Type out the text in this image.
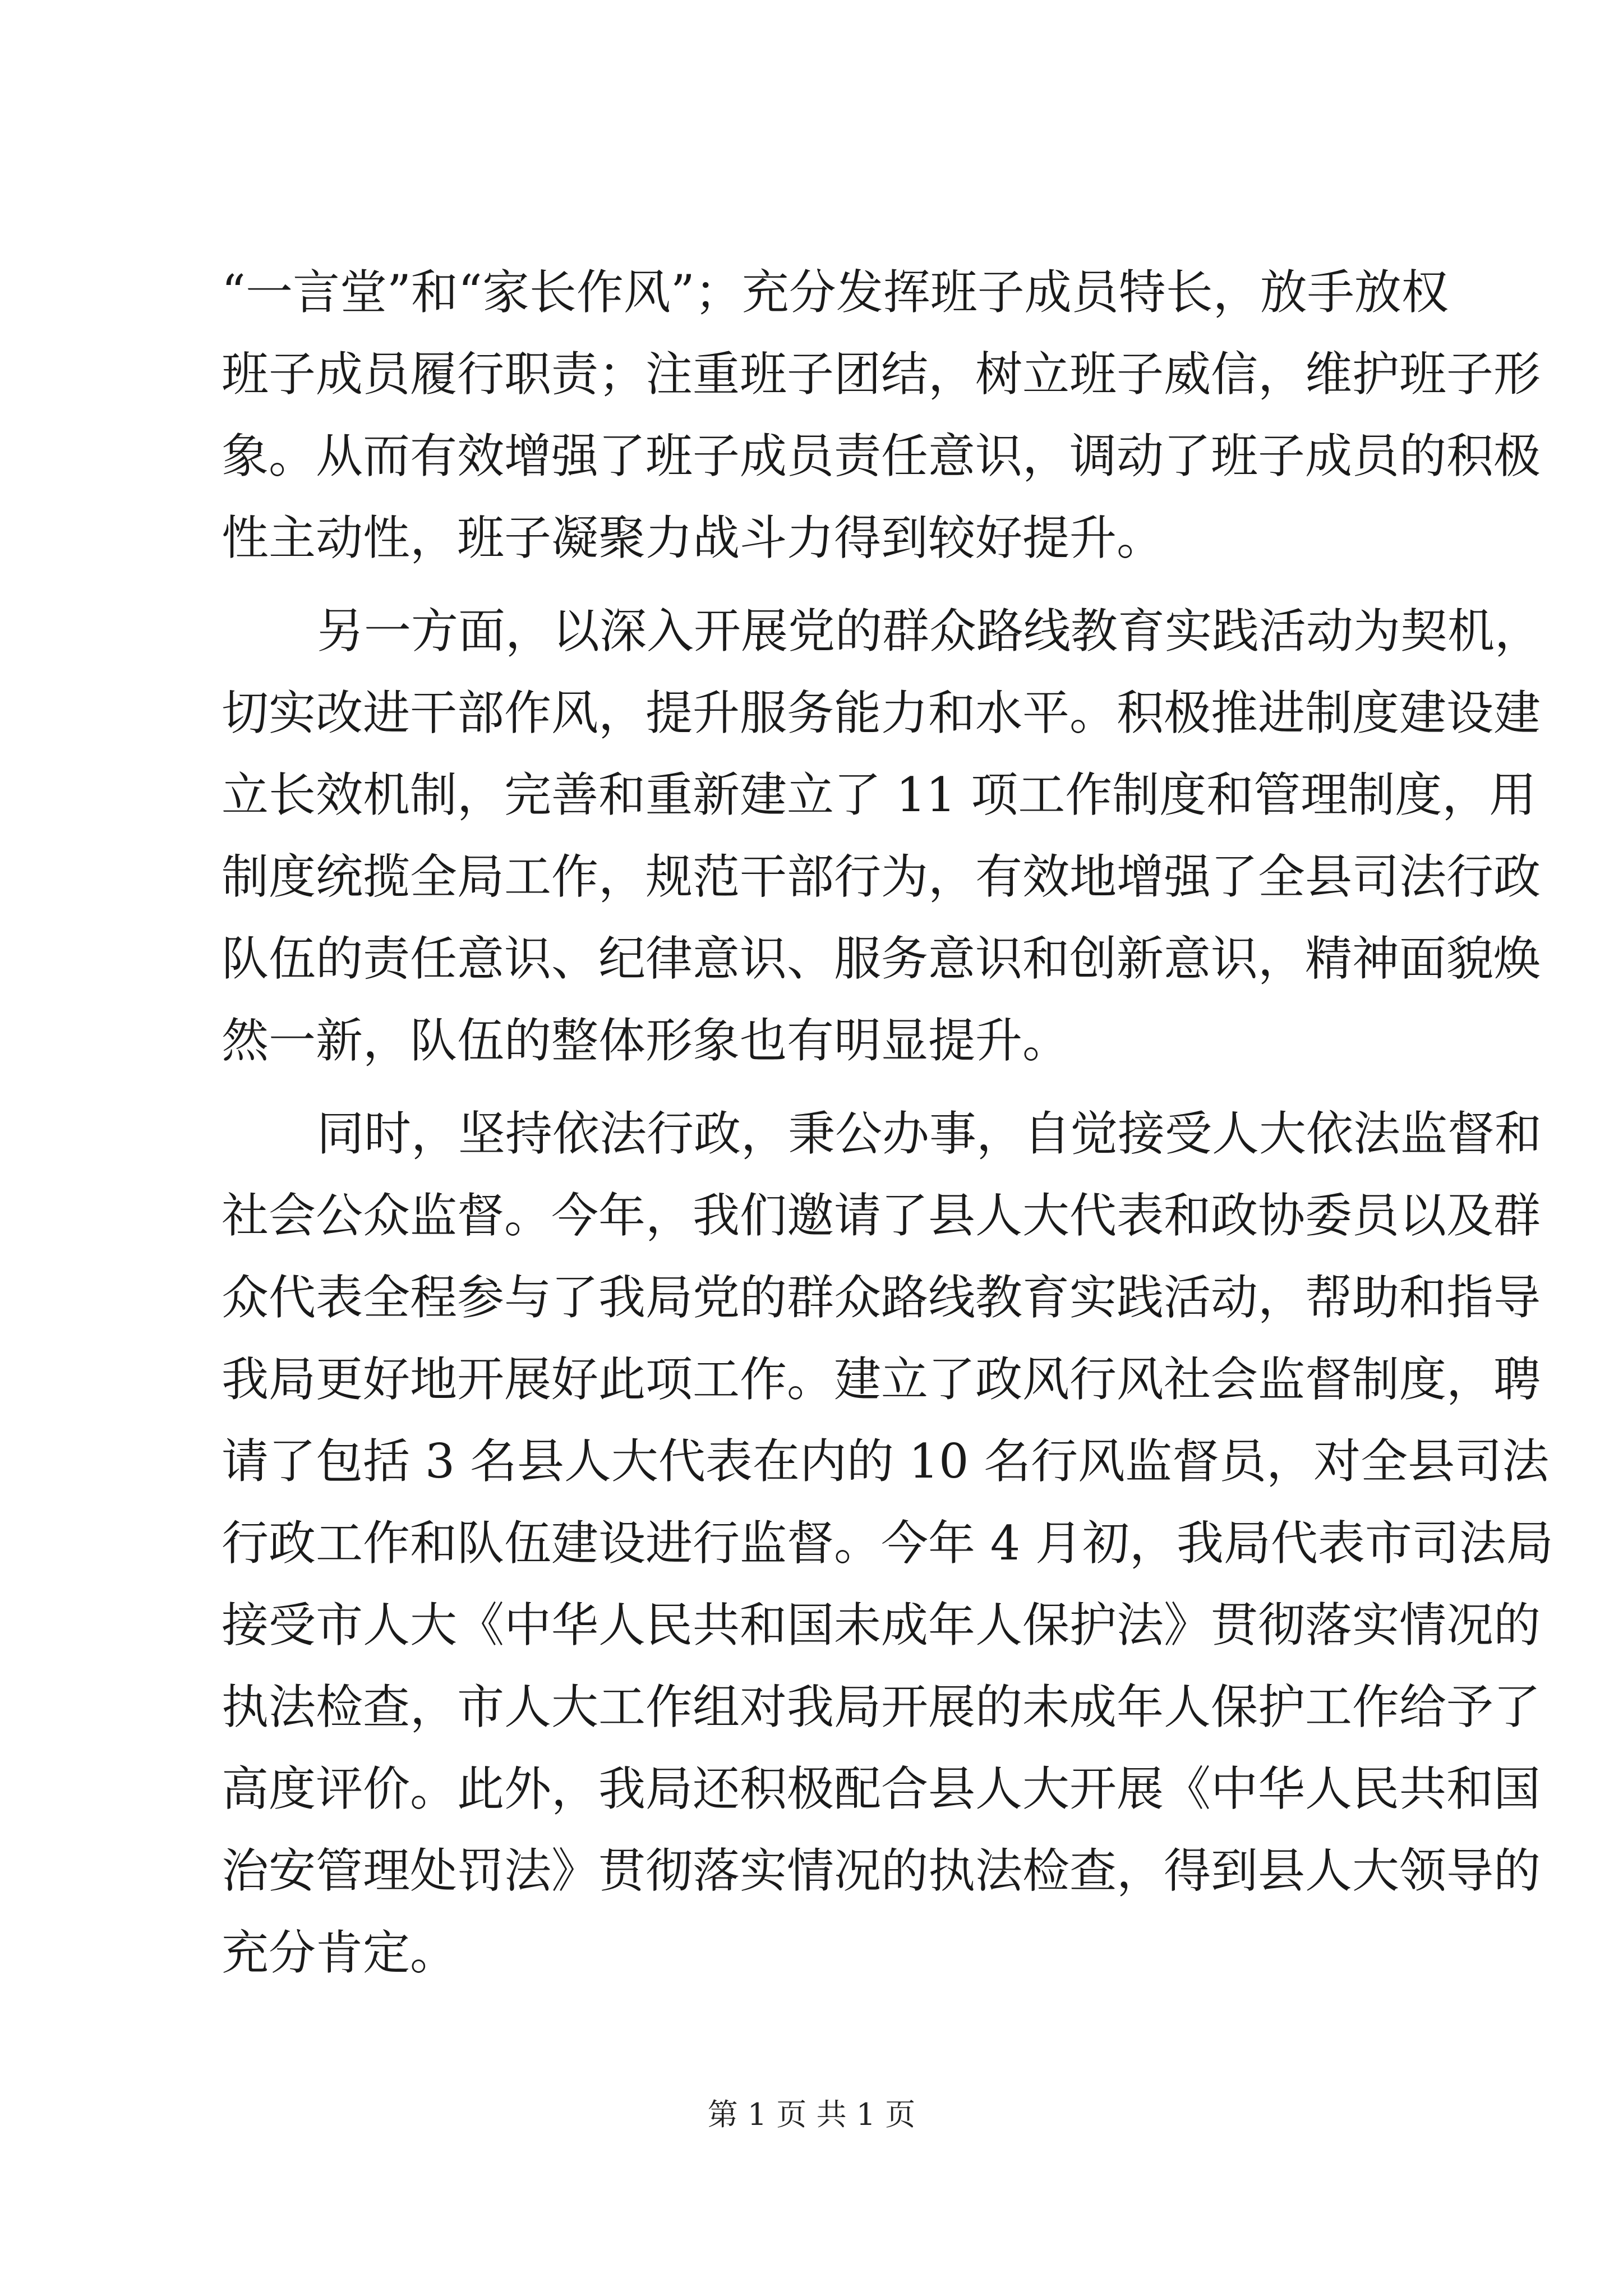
“一言堂”和“家长作风”；充分发挥班子成员特长，放手放权
班子成员履行职责；注重班子团结，树立班子威信，维护班子形
象。从而有效增强了班子成员责任意识，调动了班子成员的积极
性主动性，班子凝聚力战斗力得到较好提升。
另一方面，以深入开展党的群众路线教育实践活动为契机，
切实改进干部作风，提升服务能力和水平。积极推进制度建设建
立长效机制，完善和重新建立了 11 项工作制度和管理制度，用
制度统揽全局工作，规范干部行为，有效地增强了全县司法行政
队伍的责任意识、纪律意识、服务意识和创新意识，精神面貌焕
然一新，队伍的整体形象也有明显提升。
同时，坚持依法行政，秉公办事，自觉接受人大依法监督和
社会公众监督。今年，我们邀请了县人大代表和政协委员以及群
众代表全程参与了我局党的群众路线教育实践活动，帮助和指导
我局更好地开展好此项工作。建立了政风行风社会监督制度，聘
请了包括 3 名县人大代表在内的 10 名行风监督员，对全县司法
行政工作和队伍建设进行监督。今年 4 月初，我局代表市司法局
接受市人大《中华人民共和国未成年人保护法》贯彻落实情况的
执法检查，市人大工作组对我局开展的未成年人保护工作给予了
高度评价。此外，我局还积极配合县人大开展《中华人民共和国
治安管理处罚法》贯彻落实情况的执法检查，得到县人大领导的
充分肯定。
第 1 页 共 1 页
